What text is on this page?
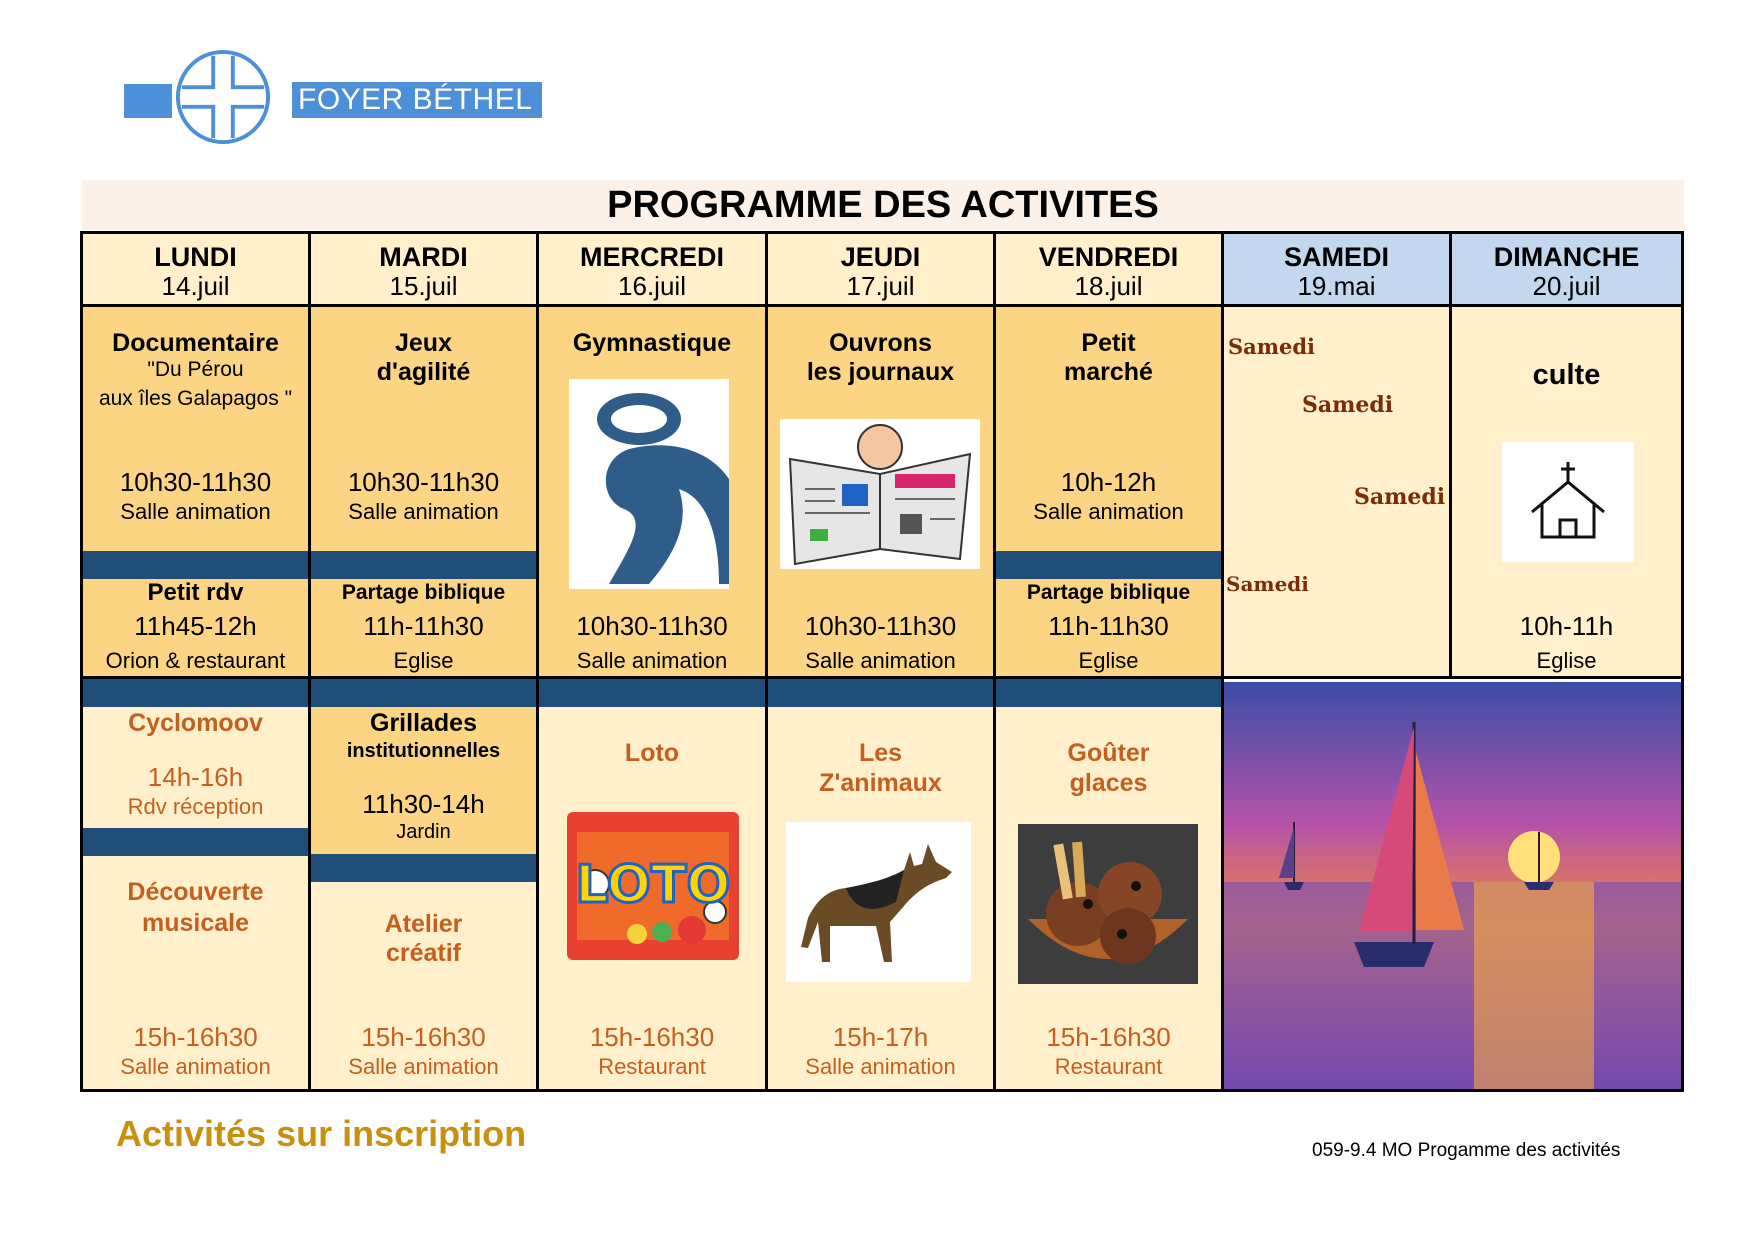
FOYER BÉTHEL
PROGRAMME DES ACTIVITES
LUNDI
14.juil
Documentaire
"Du Pérou
aux îles Galapagos "
10h30-11h30
Salle animation
Petit rdv
11h45-12h
Orion & restaurant
Cyclomoov
14h-16h
Rdv réception
Découverte
musicale
15h-16h30
Salle animation
MARDI
15.juil
Jeux
d'agilité
10h30-11h30
Salle animation
Partage biblique
11h-11h30
Eglise
Grillades
institutionnelles
11h30-14h
Jardin
Atelier
créatif
15h-16h30
Salle animation
MERCREDI
16.juil
Gymnastique
10h30-11h30
Salle animation
Loto
LOTO
15h-16h30
Restaurant
JEUDI
17.juil
Ouvrons
les journaux
10h30-11h30
Salle animation
Les
Z'animaux
15h-17h
Salle animation
VENDREDI
18.juil
Petit
marché
10h-12h
Salle animation
Partage biblique
11h-11h30
Eglise
Goûter
glaces
15h-16h30
Restaurant
SAMEDI
19.mai
Samedi
Samedi
Samedi
Samedi
DIMANCHE
20.juil
culte
10h-11h
Eglise
Activités sur inscription	059-9.4 MO Progamme des activités
